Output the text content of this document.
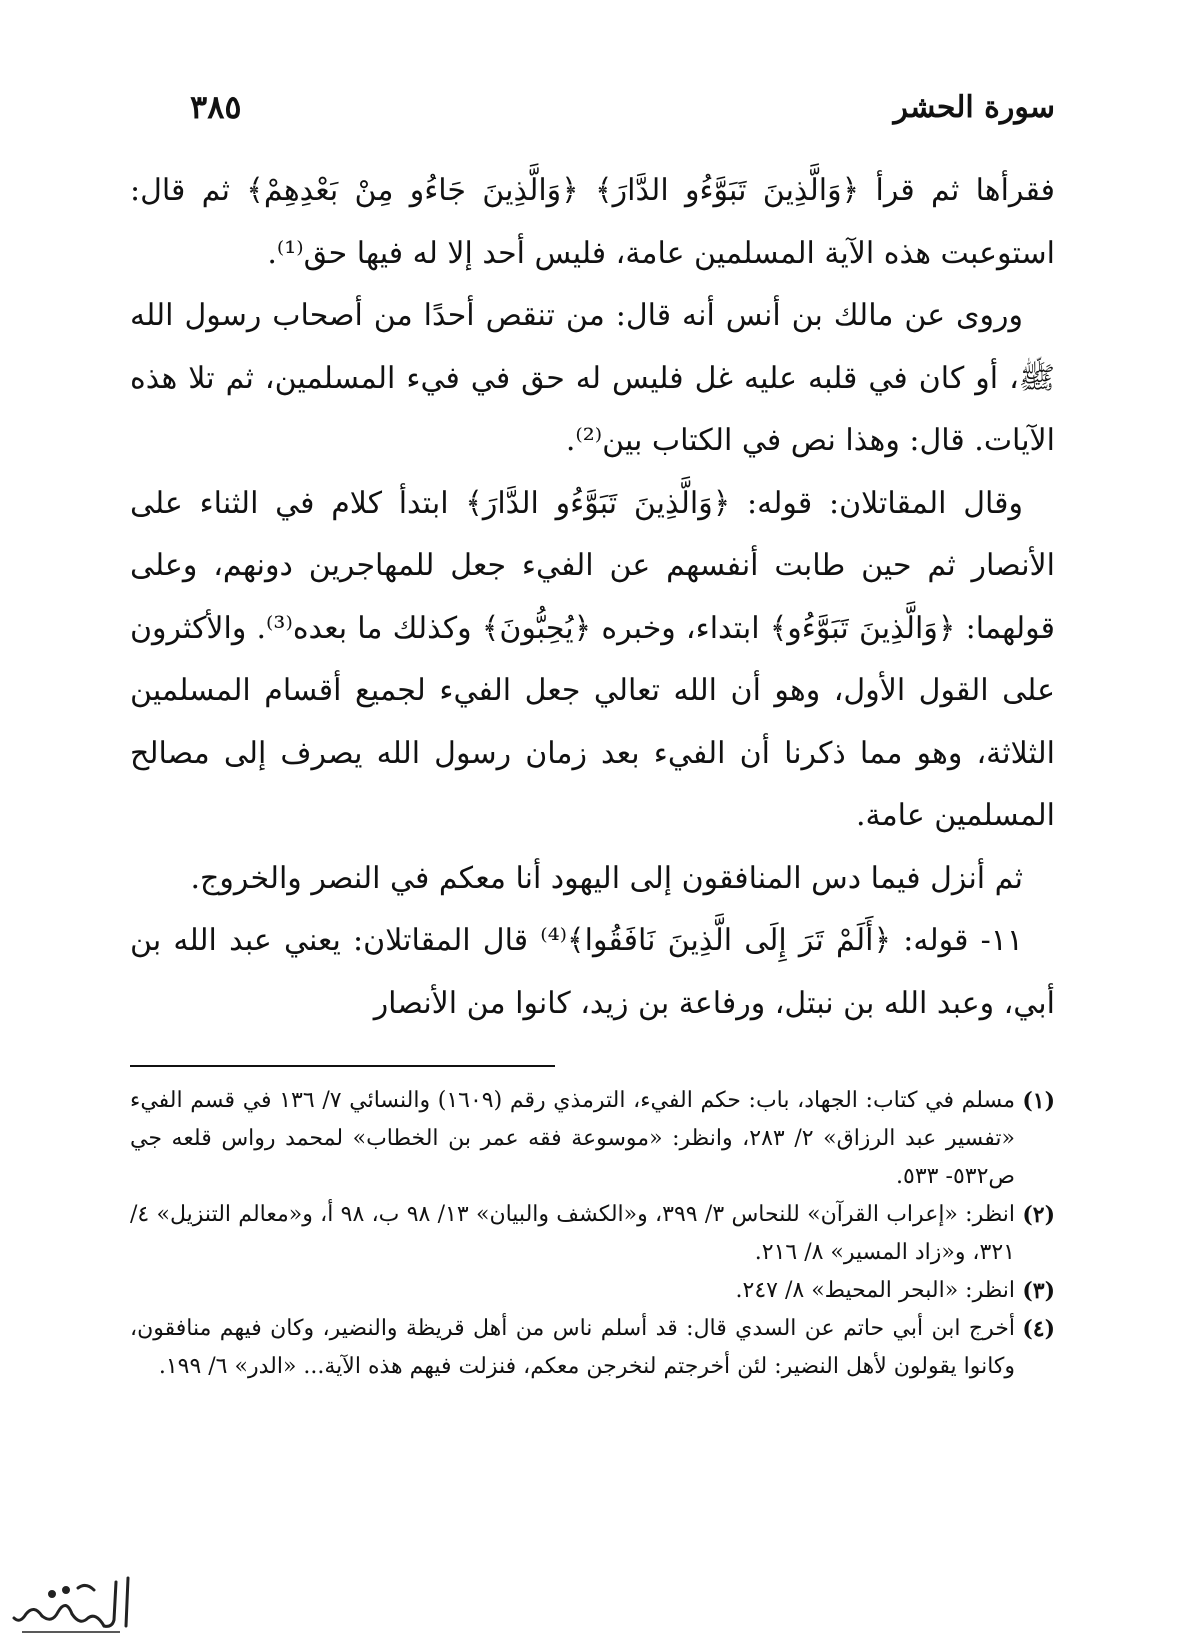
سورة الحشر
٣٨٥

فقرأها ثم قرأ ﴿وَالَّذِينَ تَبَوَّءُو الدَّارَ﴾ ﴿وَالَّذِينَ جَاءُو مِنْ بَعْدِهِمْ﴾ ثم قال: استوعبت هذه الآية المسلمين عامة، فليس أحد إلا له فيها حق⁽¹⁾.

وروى عن مالك بن أنس أنه قال: من تنقص أحدًا من أصحاب رسول الله ﷺ، أو كان في قلبه عليه غل فليس له حق في فيء المسلمين، ثم تلا هذه الآيات. قال: وهذا نص في الكتاب بين⁽²⁾.

وقال المقاتلان: قوله: ﴿وَالَّذِينَ تَبَوَّءُو الدَّارَ﴾ ابتدأ كلام في الثناء على الأنصار ثم حين طابت أنفسهم عن الفيء جعل للمهاجرين دونهم، وعلى قولهما: ﴿وَالَّذِينَ تَبَوَّءُو﴾ ابتداء، وخبره ﴿يُحِبُّونَ﴾ وكذلك ما بعده⁽³⁾. والأكثرون على القول الأول، وهو أن الله تعالي جعل الفيء لجميع أقسام المسلمين الثلاثة، وهو مما ذكرنا أن الفيء بعد زمان رسول الله يصرف إلى مصالح المسلمين عامة.

ثم أنزل فيما دس المنافقون إلى اليهود أنا معكم في النصر والخروج.

١١- قوله: ﴿أَلَمْ تَرَ إِلَى الَّذِينَ نَافَقُوا﴾⁽⁴⁾ قال المقاتلان: يعني عبد الله بن أبي، وعبد الله بن نبتل، ورفاعة بن زيد، كانوا من الأنصار

(١)
مسلم في كتاب: الجهاد، باب: حكم الفيء، الترمذي رقم (١٦٠٩) والنسائي ٧/ ١٣٦ في قسم الفيء «تفسير عبد الرزاق» ٢/ ٢٨٣، وانظر: «موسوعة فقه عمر بن الخطاب» لمحمد رواس قلعه جي ص٥٣٢- ٥٣٣.
(٢)
انظر: «إعراب القرآن» للنحاس ٣/ ٣٩٩، و«الكشف والبيان» ١٣/ ٩٨ ب، ٩٨ أ، و«معالم التنزيل» ٤/ ٣٢١، و«زاد المسير» ٨/ ٢١٦.
(٣)
انظر: «البحر المحيط» ٨/ ٢٤٧.
(٤)
أخرج ابن أبي حاتم عن السدي قال: قد أسلم ناس من أهل قريظة والنضير، وكان فيهم منافقون، وكانوا يقولون لأهل النضير: لئن أخرجتم لنخرجن معكم، فنزلت فيهم هذه الآية... «الدر» ٦/ ١٩٩.
